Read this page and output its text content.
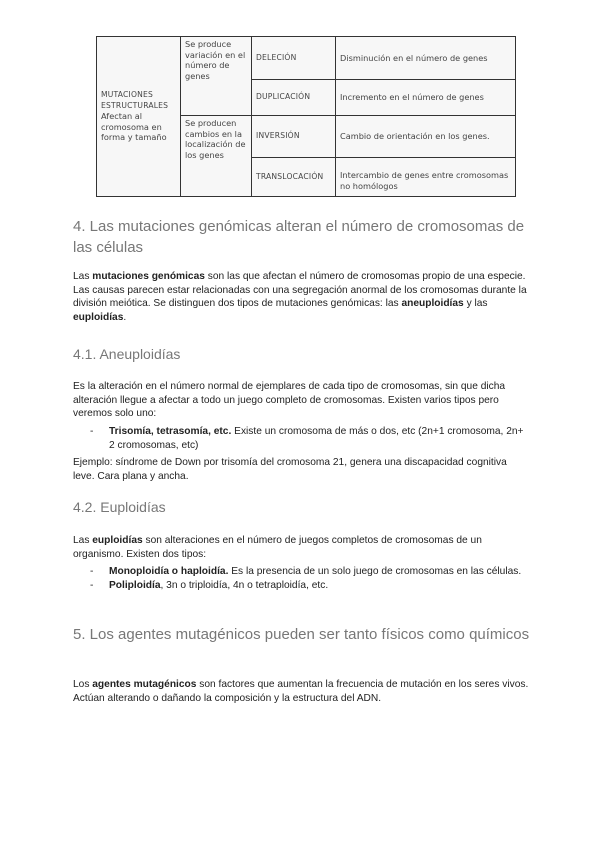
MUTACIONES
ESTRUCTURALES
Afectan al
cromosoma en
forma y tamaño	Se produce variación en el número de genes	DELECIÓN	Disminución en el número de genes
		DUPLICACIÓN	Incremento en el número de genes
	Se producen cambios en la localización de los genes	INVERSIÓN	Cambio de orientación en los genes.
		TRANSLOCACIÓN	Intercambio de genes entre cromosomas no homólogos
4. Las mutaciones genómicas alteran el número de cromosomas de las células

Las mutaciones genómicas son las que afectan el número de cromosomas propio de una especie. Las causas parecen estar relacionadas con una segregación anormal de los cromosomas durante la división meiótica. Se distinguen dos tipos de mutaciones genómicas: las aneuploidías y las euploidías.

4.1. Aneuploidías

Es la alteración en el número normal de ejemplares de cada tipo de cromosomas, sin que dicha alteración llegue a afectar a todo un juego completo de cromosomas. Existen varios tipos pero veremos solo uno:

- Trisomía, tetrasomía, etc. Existe un cromosoma de más o dos, etc (2n+1 cromosoma, 2n+ 2 cromosomas, etc)

Ejemplo: síndrome de Down por trisomía del cromosoma 21, genera una discapacidad cognitiva leve. Cara plana y ancha.

4.2. Euploidías

Las euploidías son alteraciones en el número de juegos completos de cromosomas de un organismo. Existen dos tipos:

- Monoploidía o haploidía. Es la presencia de un solo juego de cromosomas en las células.
- Poliploidía, 3n o triploidía, 4n o tetraploidía, etc.
5. Los agentes mutagénicos pueden ser tanto físicos como químicos

Los agentes mutagénicos son factores que aumentan la frecuencia de mutación en los seres vivos. Actúan alterando o dañando la composición y la estructura del ADN.
